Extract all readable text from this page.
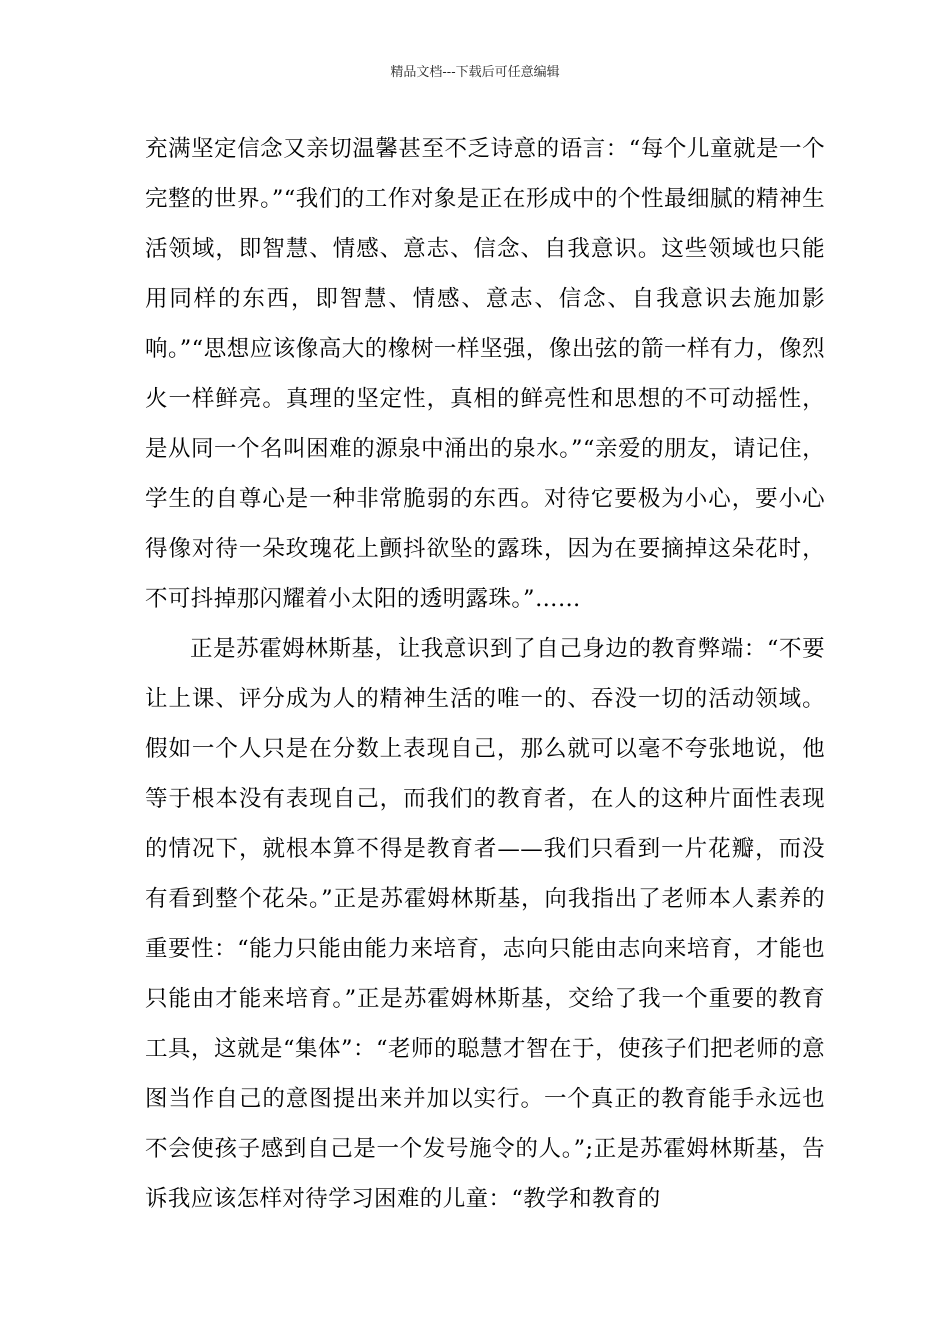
精品文档---下载后可任意编辑

充满坚定信念又亲切温馨甚至不乏诗意的语言：“每个儿童就是一个完整的世界。”“我们的工作对象是正在形成中的个性最细腻的精神生活领域，即智慧、情感、意志、信念、自我意识。这些领域也只能用同样的东西，即智慧、情感、意志、信念、自我意识去施加影响。”“思想应该像高大的橡树一样坚强，像出弦的箭一样有力，像烈火一样鲜亮。真理的坚定性，真相的鲜亮性和思想的不可动摇性，是从同一个名叫困难的源泉中涌出的泉水。”“亲爱的朋友，请记住，学生的自尊心是一种非常脆弱的东西。对待它要极为小心，要小心得像对待一朵玫瑰花上颤抖欲坠的露珠，因为在要摘掉这朵花时，不可抖掉那闪耀着小太阳的透明露珠。”……

正是苏霍姆林斯基，让我意识到了自己身边的教育弊端：“不要让上课、评分成为人的精神生活的唯一的、吞没一切的活动领域。假如一个人只是在分数上表现自己，那么就可以毫不夸张地说，他等于根本没有表现自己，而我们的教育者，在人的这种片面性表现的情况下，就根本算不得是教育者——我们只看到一片花瓣，而没有看到整个花朵。”正是苏霍姆林斯基，向我指出了老师本人素养的重要性：“能力只能由能力来培育，志向只能由志向来培育，才能也只能由才能来培育。”正是苏霍姆林斯基，交给了我一个重要的教育工具，这就是“集体”：“老师的聪慧才智在于，使孩子们把老师的意图当作自己的意图提出来并加以实行。一个真正的教育能手永远也不会使孩子感到自己是一个发号施令的人。”;正是苏霍姆林斯基，告诉我应该怎样对待学习困难的儿童：“教学和教育的
